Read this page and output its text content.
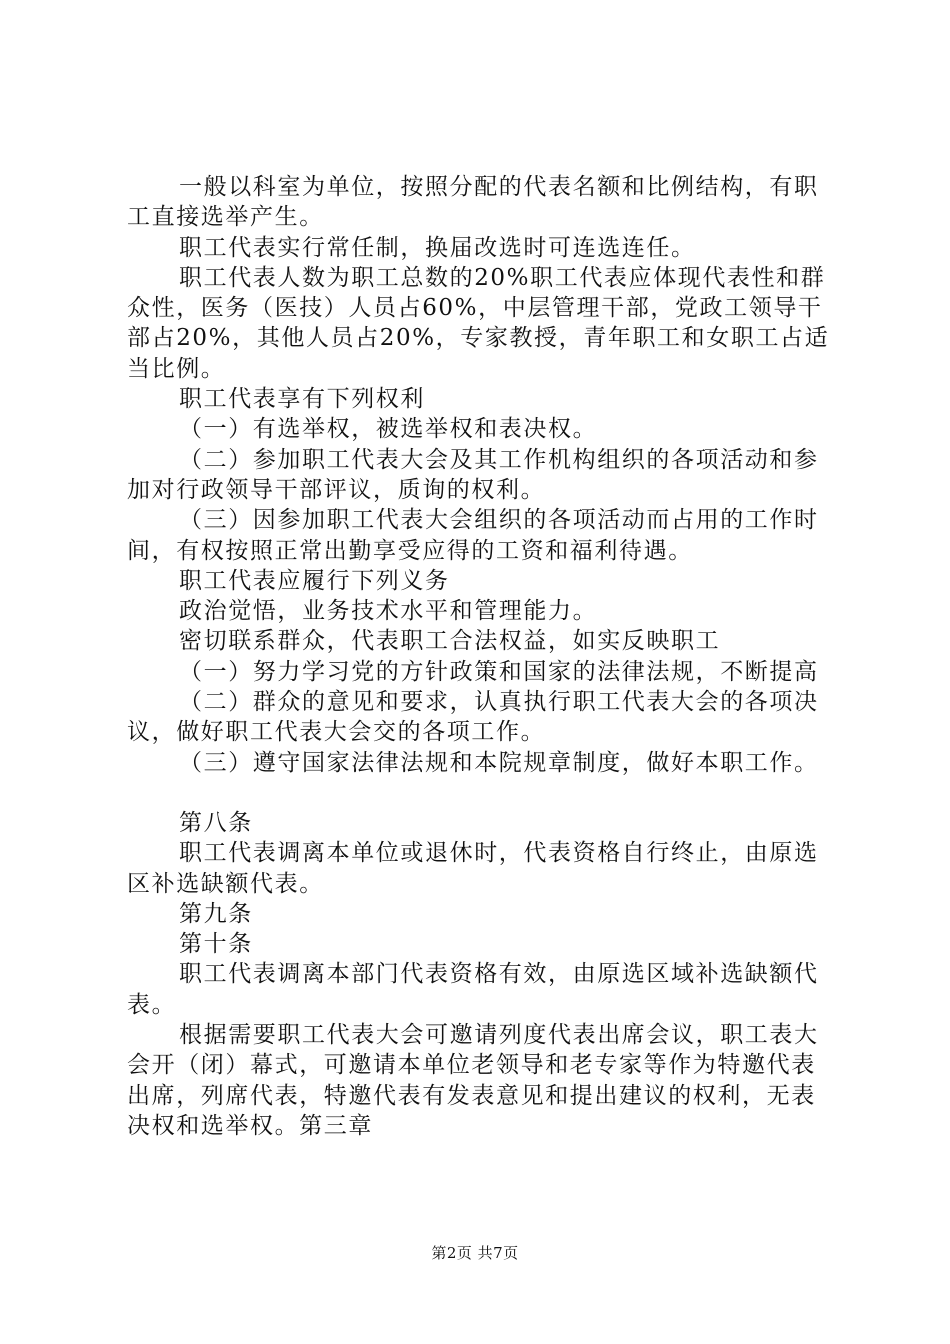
一般以科室为单位，按照分配的代表名额和比例结构，有职工直接选举产生。

职工代表实行常任制，换届改选时可连选连任。

职工代表人数为职工总数的20%职工代表应体现代表性和群众性，医务（医技）人员占60%，中层管理干部，党政工领导干部占20%，其他人员占20%，专家教授，青年职工和女职工占适当比例。

职工代表享有下列权利

（一）有选举权，被选举权和表决权。

（二）参加职工代表大会及其工作机构组织的各项活动和参加对行政领导干部评议，质询的权利。

（三）因参加职工代表大会组织的各项活动而占用的工作时间，有权按照正常出勤享受应得的工资和福利待遇。

职工代表应履行下列义务

政治觉悟，业务技术水平和管理能力。

密切联系群众，代表职工合法权益，如实反映职工

（一）努力学习党的方针政策和国家的法律法规，不断提高

（二）群众的意见和要求，认真执行职工代表大会的各项决议，做好职工代表大会交的各项工作。

（三）遵守国家法律法规和本院规章制度，做好本职工作。

第八条

职工代表调离本单位或退休时，代表资格自行终止，由原选区补选缺额代表。

第九条

第十条

职工代表调离本部门代表资格有效，由原选区域补选缺额代表。

根据需要职工代表大会可邀请列度代表出席会议，职工表大会开（闭）幕式，可邀请本单位老领导和老专家等作为特邀代表出席，列席代表，特邀代表有发表意见和提出建议的权利，无表决权和选举权。第三章

第2页 共7页
